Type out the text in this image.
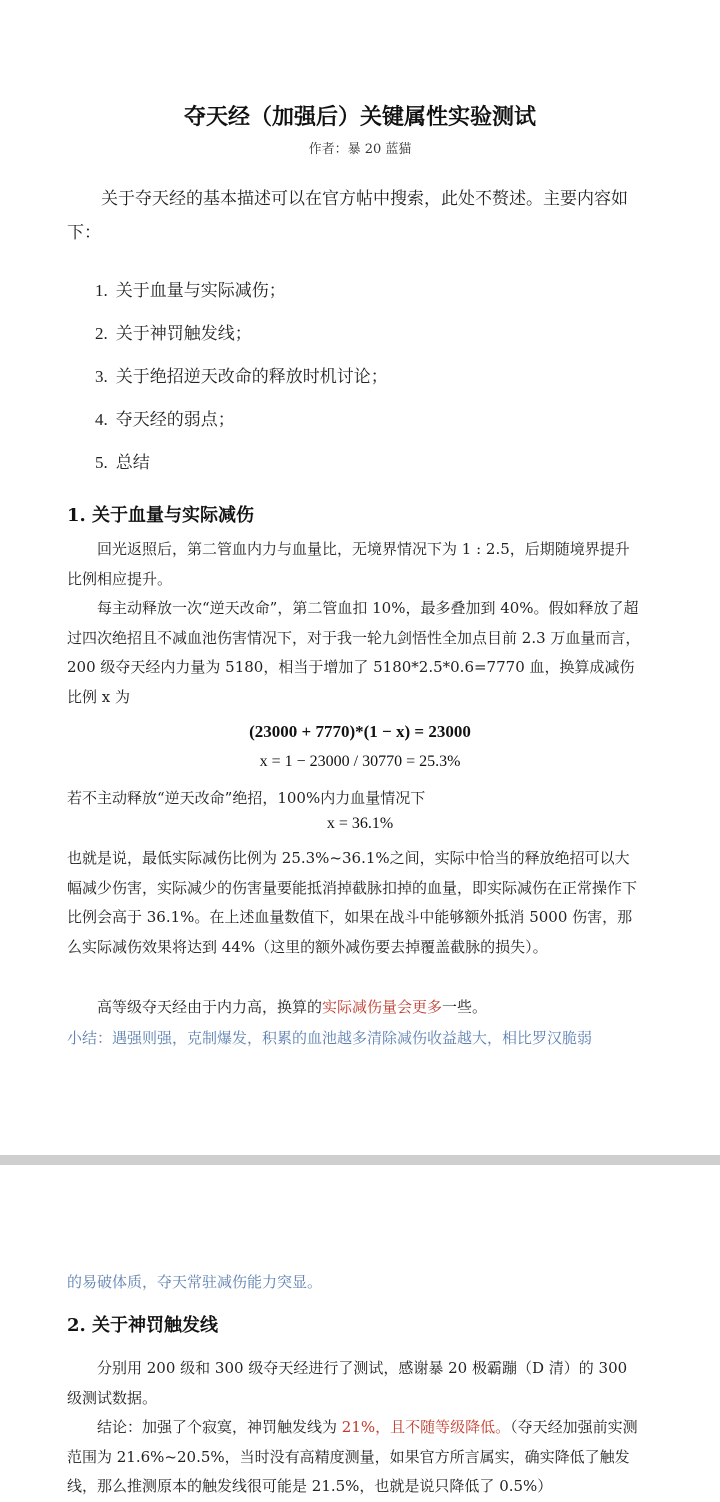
夺天经（加强后）关键属性实验测试
作者：暴 20 蓝猫

关于夺天经的基本描述可以在官方帖中搜索，此处不赘述。主要内容如下：

1. 关于血量与实际减伤；

2. 关于神罚触发线；

3. 关于绝招逆天改命的释放时机讨论；

4. 夺天经的弱点；

5. 总结

1. 关于血量与实际减伤

回光返照后，第二管血内力与血量比，无境界情况下为 1 : 2.5，后期随境界提升比例相应提升。

每主动释放一次“逆天改命”，第二管血扣 10%，最多叠加到 40%。假如释放了超过四次绝招且不减血池伤害情况下，对于我一轮九剑悟性全加点目前 2.3 万血量而言，200 级夺天经内力量为 5180，相当于增加了 5180*2.5*0.6=7770 血，换算成减伤比例 x 为

(23000 + 7770)*(1 − x) = 23000

x = 1 − 23000 / 30770 = 25.3%

若不主动释放“逆天改命”绝招，100%内力血量情况下

x = 36.1%

也就是说，最低实际减伤比例为 25.3%~36.1%之间，实际中恰当的释放绝招可以大幅减少伤害，实际减少的伤害量要能抵消掉截脉扣掉的血量，即实际减伤在正常操作下比例会高于 36.1%。在上述血量数值下，如果在战斗中能够额外抵消 5000 伤害，那么实际减伤效果将达到 44%（这里的额外减伤要去掉覆盖截脉的损失）。

高等级夺天经由于内力高，换算的实际减伤量会更多一些。

小结：遇强则强，克制爆发，积累的血池越多清除减伤收益越大，相比罗汉脆弱

的易破体质，夺天常驻减伤能力突显。

2. 关于神罚触发线

分别用 200 级和 300 级夺天经进行了测试，感谢暴 20 极霸蹦（D 清）的 300 级测试数据。

结论：加强了个寂寞，神罚触发线为 21%，且不随等级降低。（夺天经加强前实测范围为 21.6%~20.5%，当时没有高精度测量，如果官方所言属实，确实降低了触发线，那么推测原本的触发线很可能是 21.5%，也就是说只降低了 0.5%）
